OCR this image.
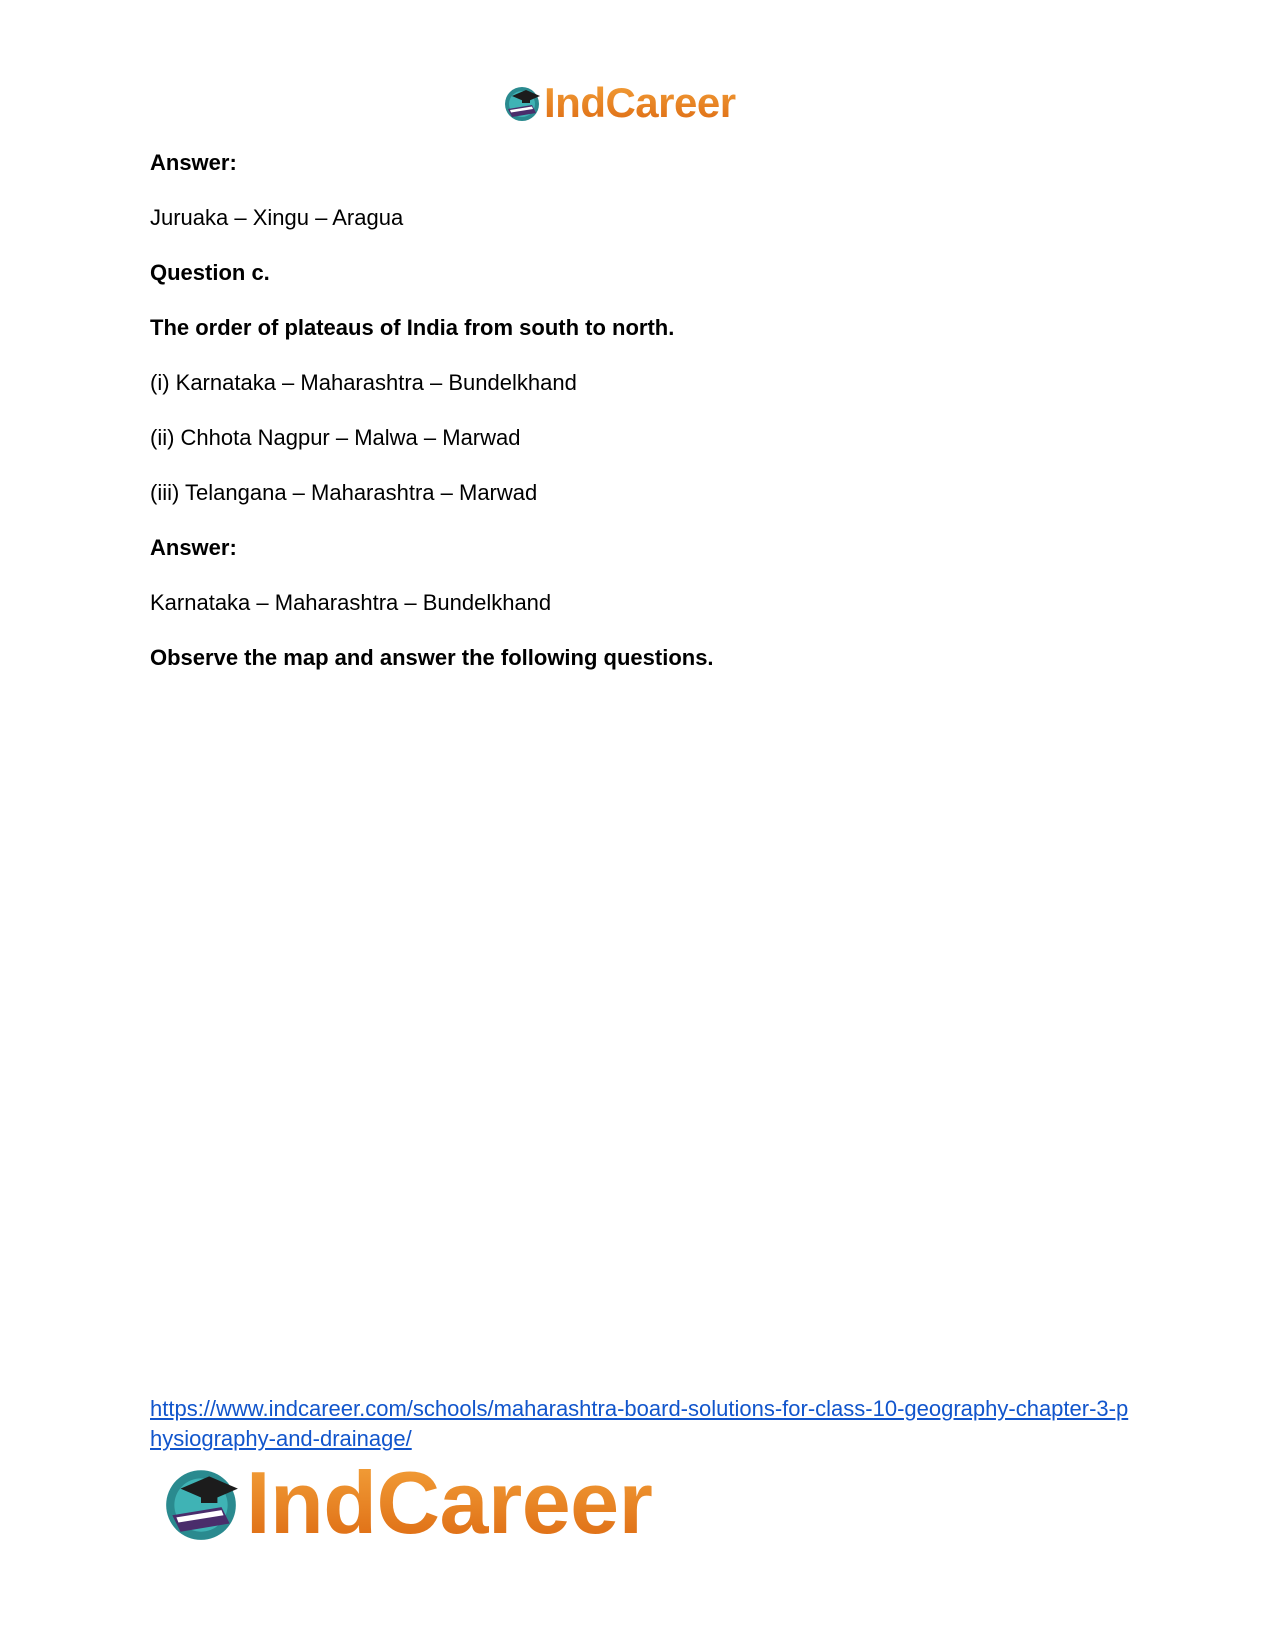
IndCareer
Answer:
Juruaka – Xingu – Aragua
Question c.
The order of plateaus of India from south to north.
(i) Karnataka – Maharashtra – Bundelkhand
(ii) Chhota Nagpur – Malwa – Marwad
(iii) Telangana – Maharashtra – Marwad
Answer:
Karnataka – Maharashtra – Bundelkhand
Observe the map and answer the following questions.
https://www.indcareer.com/schools/maharashtra-board-solutions-for-class-10-geography-chapter-3-physiography-and-drainage/
IndCareer
